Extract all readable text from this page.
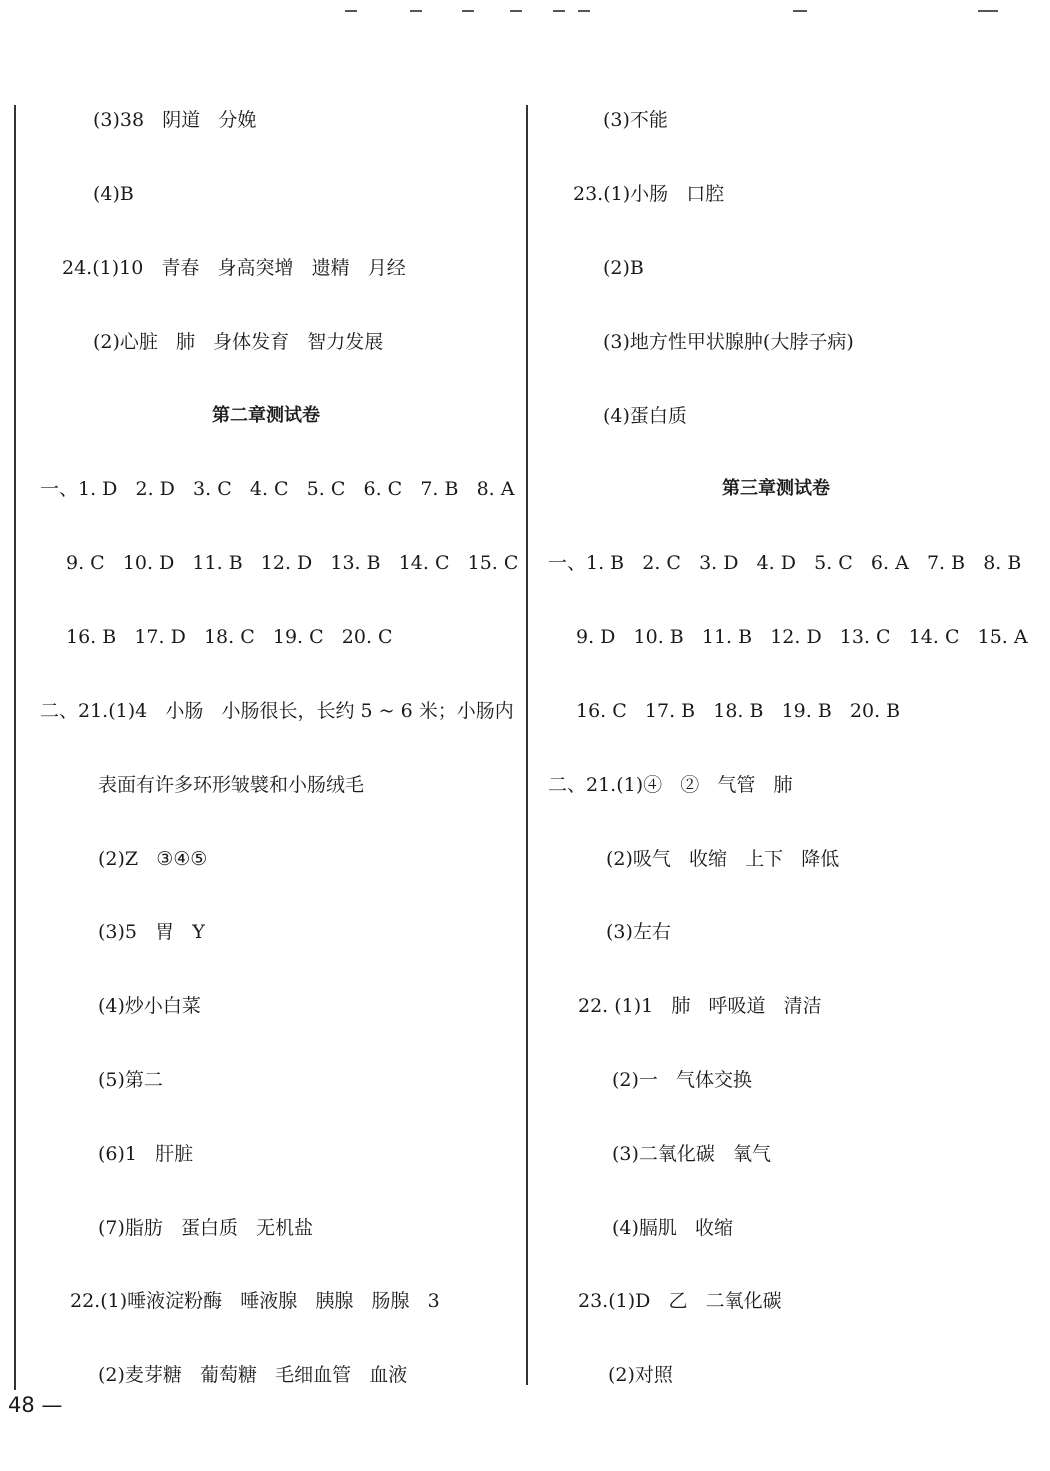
(3)38   阴道   分娩
(4)B
24.(1)10   青春   身高突增   遗精   月经
(2)心脏   肺   身体发育   智力发展
第二章测试卷
一、1. D   2. D   3. C   4. C   5. C   6. C   7. B   8. A
9. C   10. D   11. B   12. D   13. B   14. C   15. C
16. B   17. D   18. C   19. C   20. C
二、21.(1)4   小肠   小肠很长，长约 5 ~ 6 米；小肠内
表面有许多环形皱襞和小肠绒毛
(2)Z   ③④⑤
(3)5   胃   Y
(4)炒小白菜
(5)第二
(6)1   肝脏
(7)脂肪   蛋白质   无机盐
22.(1)唾液淀粉酶   唾液腺   胰腺   肠腺   3
(2)麦芽糖   葡萄糖   毛细血管   血液
(3)不能
23.(1)小肠   口腔
(2)B
(3)地方性甲状腺肿(大脖子病)
(4)蛋白质
第三章测试卷
一、1. B   2. C   3. D   4. D   5. C   6. A   7. B   8. B
9. D   10. B   11. B   12. D   13. C   14. C   15. A
16. C   17. B   18. B   19. B   20. B
二、21.(1)④   ②   气管   肺
(2)吸气   收缩   上下   降低
(3)左右
22. (1)1   肺   呼吸道   清洁
(2)一   气体交换
(3)二氧化碳   氧气
(4)膈肌   收缩
23.(1)D   乙   二氧化碳
(2)对照
48 —
